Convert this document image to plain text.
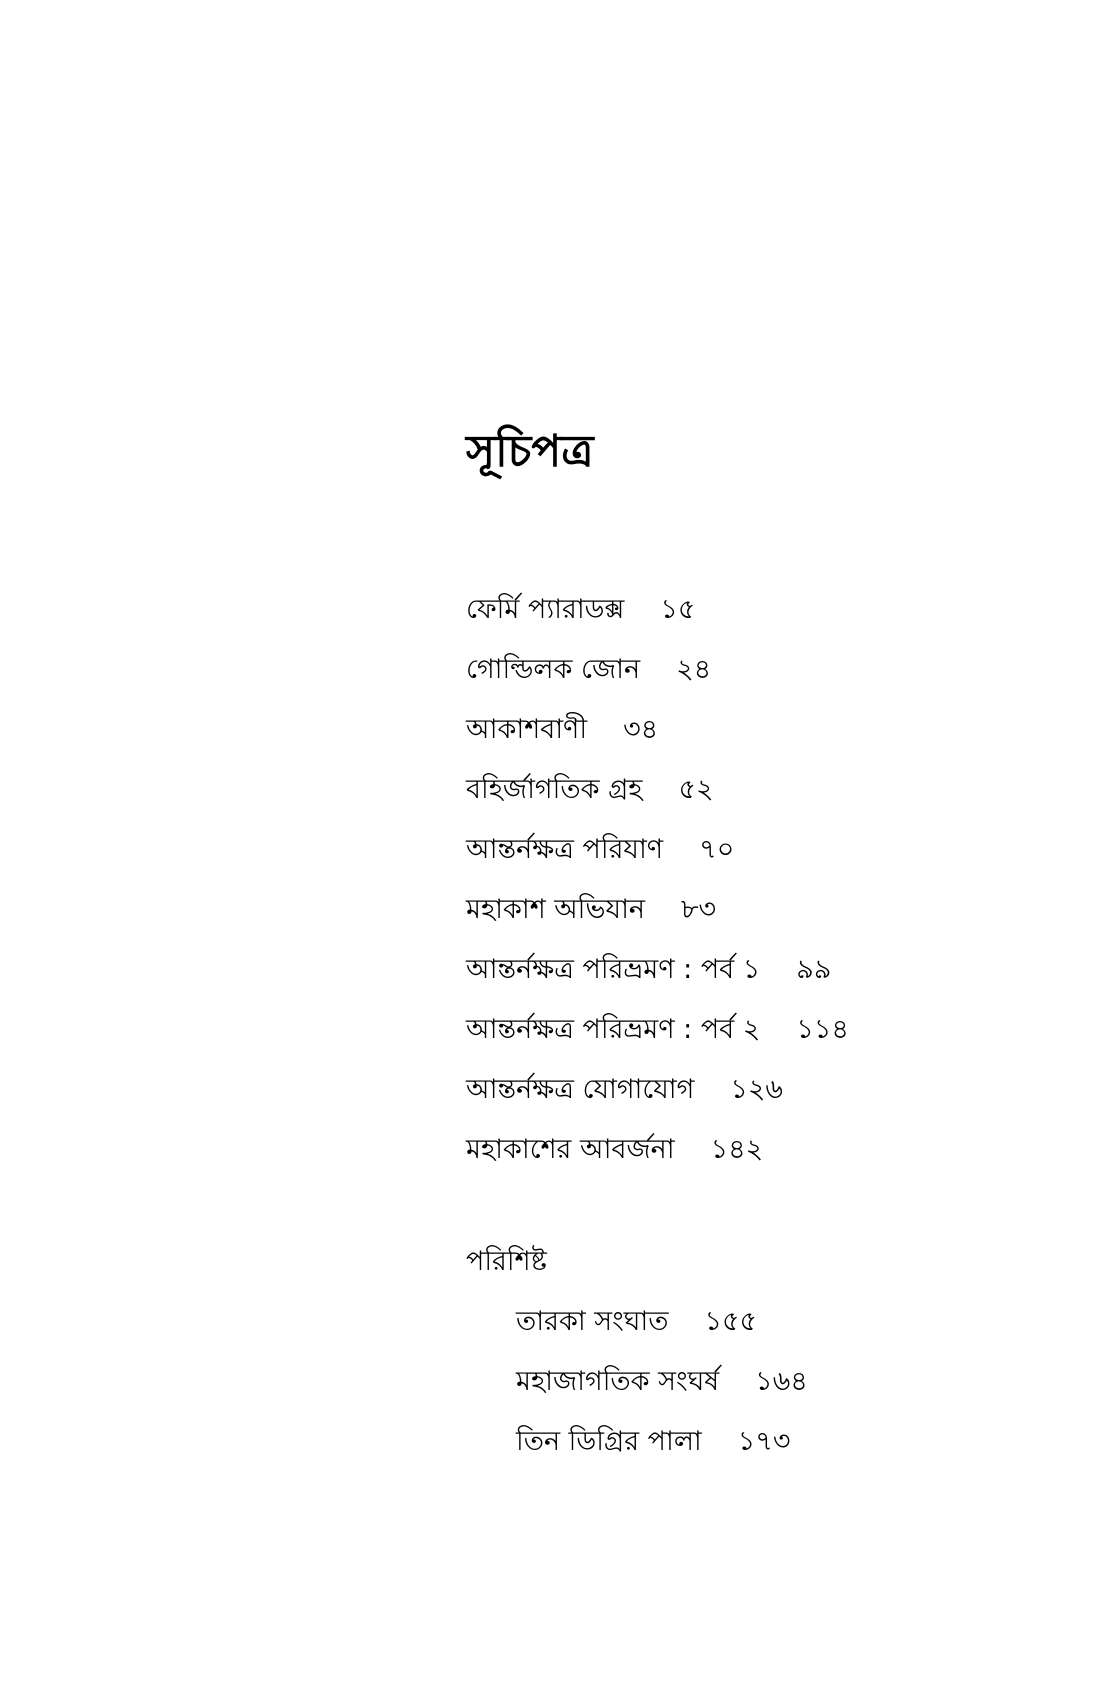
সূচিপত্র
ফের্মি প্যারাডক্স ১৫
গোল্ডিলক জোন ২৪
আকাশবাণী ৩৪
বহির্জাগতিক গ্রহ ৫২
আন্তর্নক্ষত্র পরিযাণ ৭০
মহাকাশ অভিযান ৮৩
আন্তর্নক্ষত্র পরিভ্রমণ : পর্ব ১ ৯৯
আন্তর্নক্ষত্র পরিভ্রমণ : পর্ব ২ ১১৪
আন্তর্নক্ষত্র যোগাযোগ ১২৬
মহাকাশের আবর্জনা ১৪২
পরিশিষ্ট
তারকা সংঘাত ১৫৫
মহাজাগতিক সংঘর্ষ ১৬৪
তিন ডিগ্রির পালা ১৭৩
